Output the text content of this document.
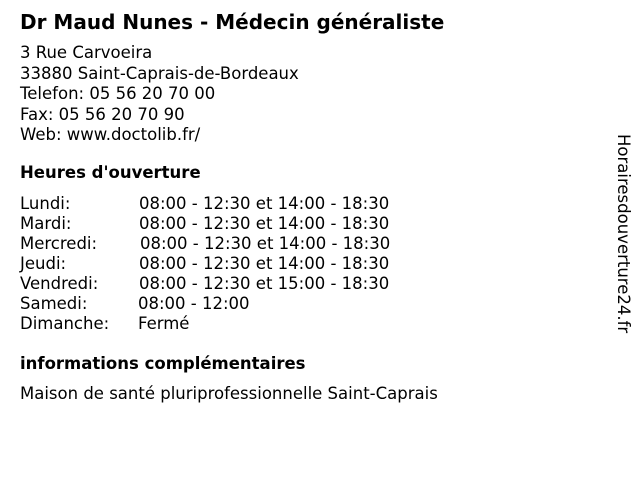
Dr Maud Nunes - Médecin généraliste
3 Rue Carvoeira
33880 Saint-Caprais-de-Bordeaux
Telefon: 05 56 20 70 00
Fax: 05 56 20 70 90
Web: www.doctolib.fr/
Heures d'ouverture
Lundi:	08:00 - 12:30 et 14:00 - 18:30
Mardi:	08:00 - 12:30 et 14:00 - 18:30
Mercredi:	08:00 - 12:30 et 14:00 - 18:30
Jeudi:	08:00 - 12:30 et 14:00 - 18:30
Vendredi: 08:00 - 12:30 et 15:00 - 18:30
Samedi:	08:00 - 12:00
Dimanche: Fermé
informations complémentaires
Maison de santé pluriprofessionnelle Saint-Caprais
Horairesdouverture24.fr
